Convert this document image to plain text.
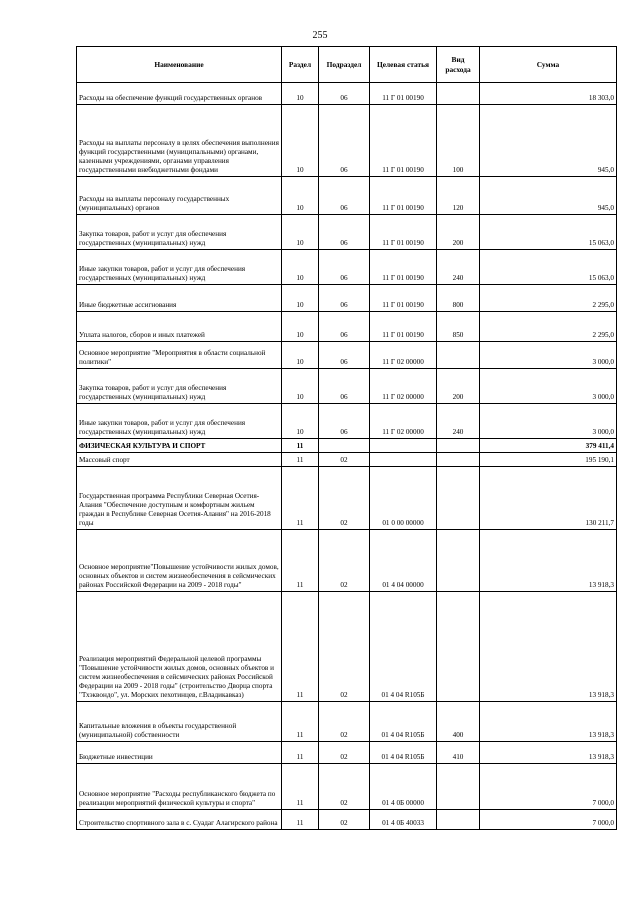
255
Наименование	Раздел	Подраздел	Целевая статья	Вид расхода	Сумма
Расходы на обеспечение функций государственных органов	10	06	11 Г 01 00190		18 303,0
Расходы на выплаты персоналу в целях обеспечения выполнения функций государственными (муниципальными) органами, казенными учреждениями, органами управления государственными внебюджетными фондами	10	06	11 Г 01 00190	100	945,0
Расходы на выплаты персоналу государственных (муниципальных) органов	10	06	11 Г 01 00190	120	945,0
Закупка товаров, работ и услуг для обеспечения государственных (муниципальных) нужд	10	06	11 Г 01 00190	200	15 063,0
Иные закупки товаров, работ и услуг для обеспечения государственных (муниципальных) нужд	10	06	11 Г 01 00190	240	15 063,0
Иные бюджетные ассигнования	10	06	11 Г 01 00190	800	2 295,0
Уплата налогов, сборов и иных платежей	10	06	11 Г 01 00190	850	2 295,0
Основное мероприятие "Мероприятия в области социальной политики"	10	06	11 Г 02 00000		3 000,0
Закупка товаров, работ и услуг для обеспечения государственных (муниципальных) нужд	10	06	11 Г 02 00000	200	3 000,0
Иные закупки товаров, работ и услуг для обеспечения государственных (муниципальных) нужд	10	06	11 Г 02 00000	240	3 000,0
ФИЗИЧЕСКАЯ КУЛЬТУРА И СПОРТ	11				379 411,4
Массовый спорт	11	02			195 190,1
Государственная программа Республики Северная Осетия-Алания "Обеспечение доступным и комфортным жильем граждан в Республике Северная Осетия-Алания" на 2016-2018 годы	11	02	01 0 00 00000		130 211,7
Основное мероприятие"Повышение устойчивости жилых домов, основных объектов и систем жизнеобеспечения в сейсмических районах Российской Федерации на 2009 - 2018 годы"	11	02	01 4 04 00000		13 918,3
Реализация мероприятий Федеральной целевой программы "Повышение устойчивости жилых домов, основных объектов и систем жизнеобеспечения в сейсмических районах Российской Федерации на 2009 - 2018 годы" (строительство Дворца спорта "Тхэквондо", ул. Морских пехотинцев, г.Владикавказ)	11	02	01 4 04 R105Б		13 918,3
Капитальные вложения в объекты государственной (муниципальной) собственности	11	02	01 4 04 R105Б	400	13 918,3
Бюджетные инвестиции	11	02	01 4 04 R105Б	410	13 918,3
Основное мероприятие "Расходы республиканского бюджета по реализации мероприятий физической культуры и спорта"	11	02	01 4 0Б 00000		7 000,0
Строительство спортивного зала в с. Суадаг Алагирского района	11	02	01 4 0Б 40033		7 000,0
